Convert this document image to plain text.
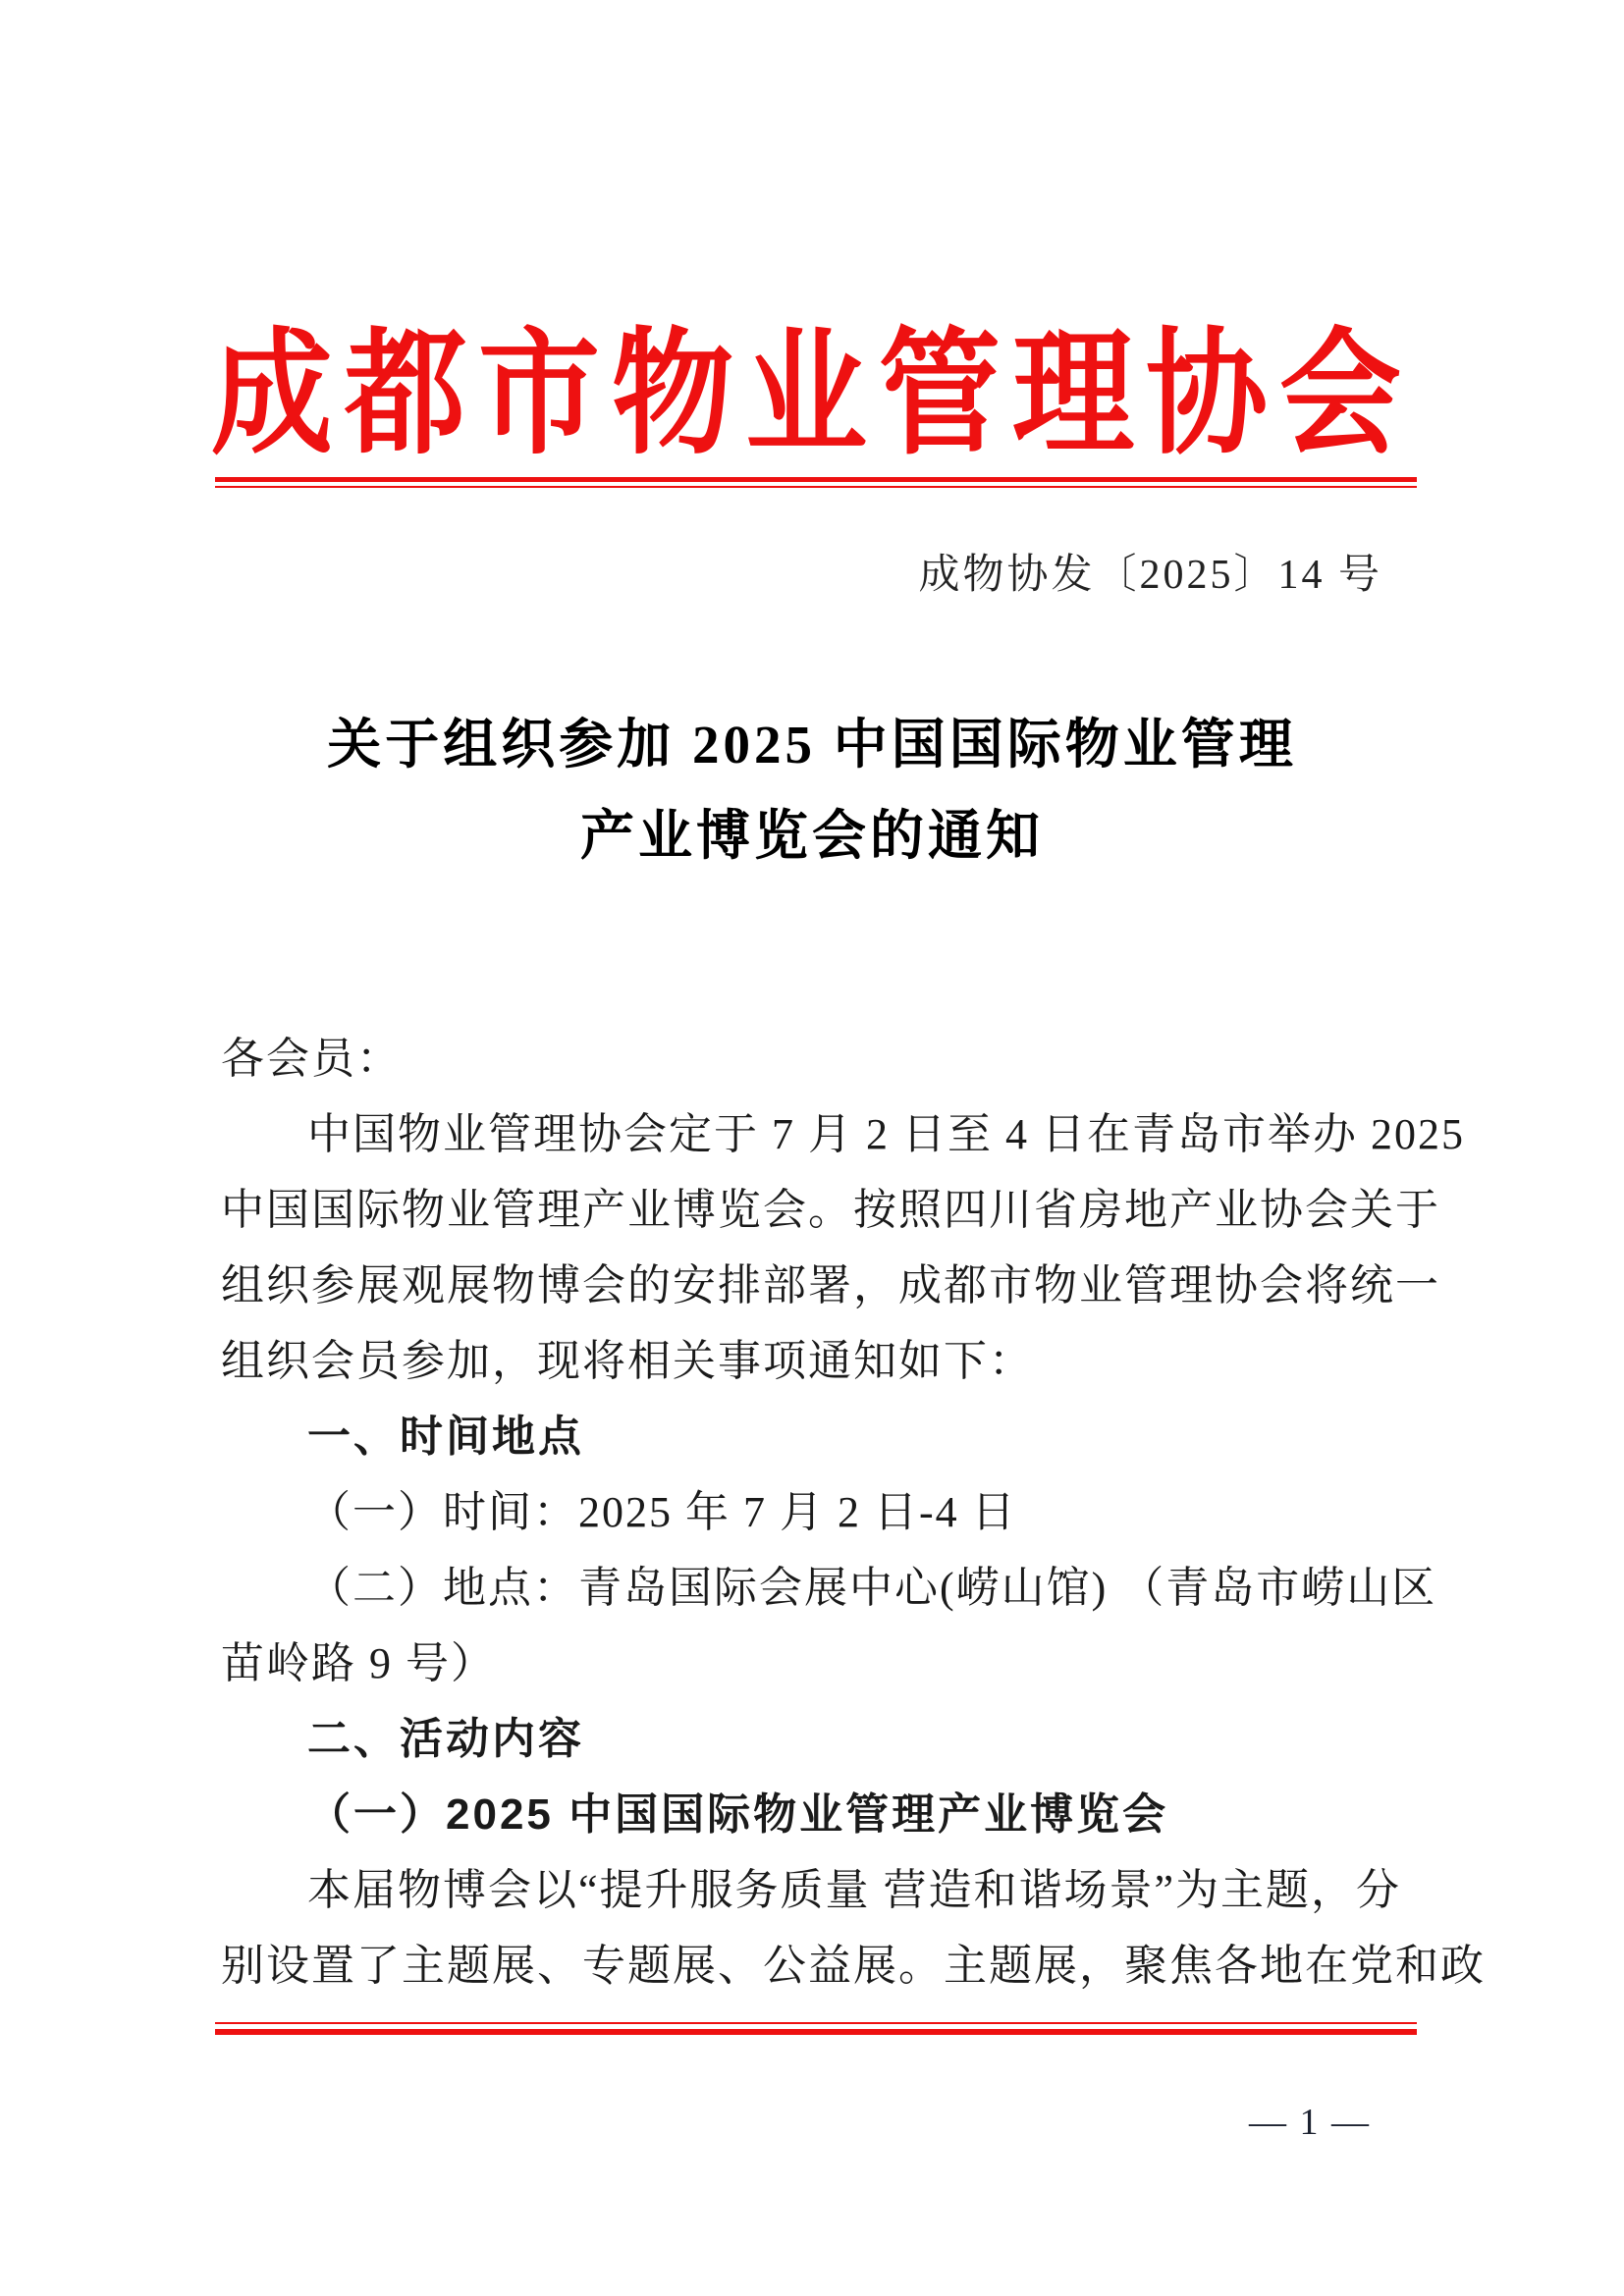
成都市物业管理协会
成物协发〔2025〕14 号
关于组织参加 2025 中国国际物业管理
产业博览会的通知
各会员：
中国物业管理协会定于 7 月 2 日至 4 日在青岛市举办 2025
中国国际物业管理产业博览会。按照四川省房地产业协会关于
组织参展观展物博会的安排部署，成都市物业管理协会将统一
组织会员参加，现将相关事项通知如下：
一、时间地点
（一）时间：2025 年 7 月 2 日-4 日
（二）地点：青岛国际会展中心(崂山馆) （青岛市崂山区
苗岭路 9 号）
二、活动内容
（一）2025 中国国际物业管理产业博览会
本届物博会以“提升服务质量 营造和谐场景”为主题，分
别设置了主题展、专题展、公益展。主题展，聚焦各地在党和政
— 1 —
